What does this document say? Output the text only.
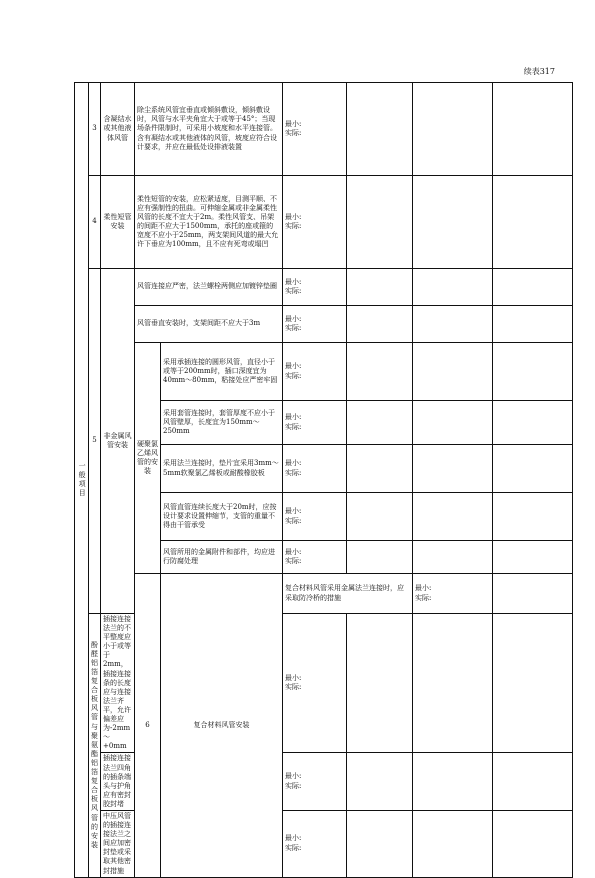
续表317
一般项目	3	含凝结水或其他液体风管	除尘系统风管宜垂直或倾斜敷设，倾斜敷设时，风管与水平夹角宜大于或等于45°；当现场条件限制时，可采用小坡度和水平连接管。含有凝结水或其他液体的风管，坡度应符合设计要求，并应在最低处设排液装置		最小:
实际:				

	4	柔性短管安装	柔性短管的安装，应松紧适度，目测平顺、不应有强制性的扭曲。可伸缩金属或非金属柔性风管的长度不宜大于2m。柔性风管支、吊架的间距不应大于1500mm，承托的座或箍的宽度不应小于25mm，两支架间风道的最大允许下垂应为100mm，且不应有死弯或塌凹		最小:
实际:				

	5	非金属风管安装	风管连接应严密，法兰螺栓两侧应加镀锌垫圈		最小:
实际:				

			风管垂直安装时，支架间距不应大于3m		最小:
实际:				

			硬聚氯乙烯风管的安装	采用承插连接的圆形风管，直径小于或等于200mm时，插口深度宜为40mm～80mm，粘接处应严密牢固	最小:
实际:				

				采用套管连接时，套管厚度不应小于风管壁厚，长度宜为150mm～250mm	最小:
实际:				

				采用法兰连接时，垫片宜采用3mm～5mm软聚氯乙烯板或耐酸橡胶板	最小:
实际:				

				风管直管连续长度大于20m时，应按设计要求设置伸缩节，支管的重量不得由干管承受	最小:
实际:				

				风管所用的金属附件和部件，均应进行防腐处理	最小:
实际:				

			6	复合材料风管安装	复合材料风管采用金属法兰连接时，应采取防冷桥的措施		最小:
实际:		

	酚醛铝箔复合板风管与聚氨酯铝箔复合板风管的安装	插接连接法兰的不平整度应小于或等于2mm，插接连接条的长度应与连接法兰齐平，允许偏差应为-2mm～+0mm			最小:
实际:				

		插接连接法兰四角的插条端头与护角应有密封胶封堵			最小:
实际:				

		中压风管的插接连接法兰之间应加密封垫或采取其他密封措施			最小:
实际:				
